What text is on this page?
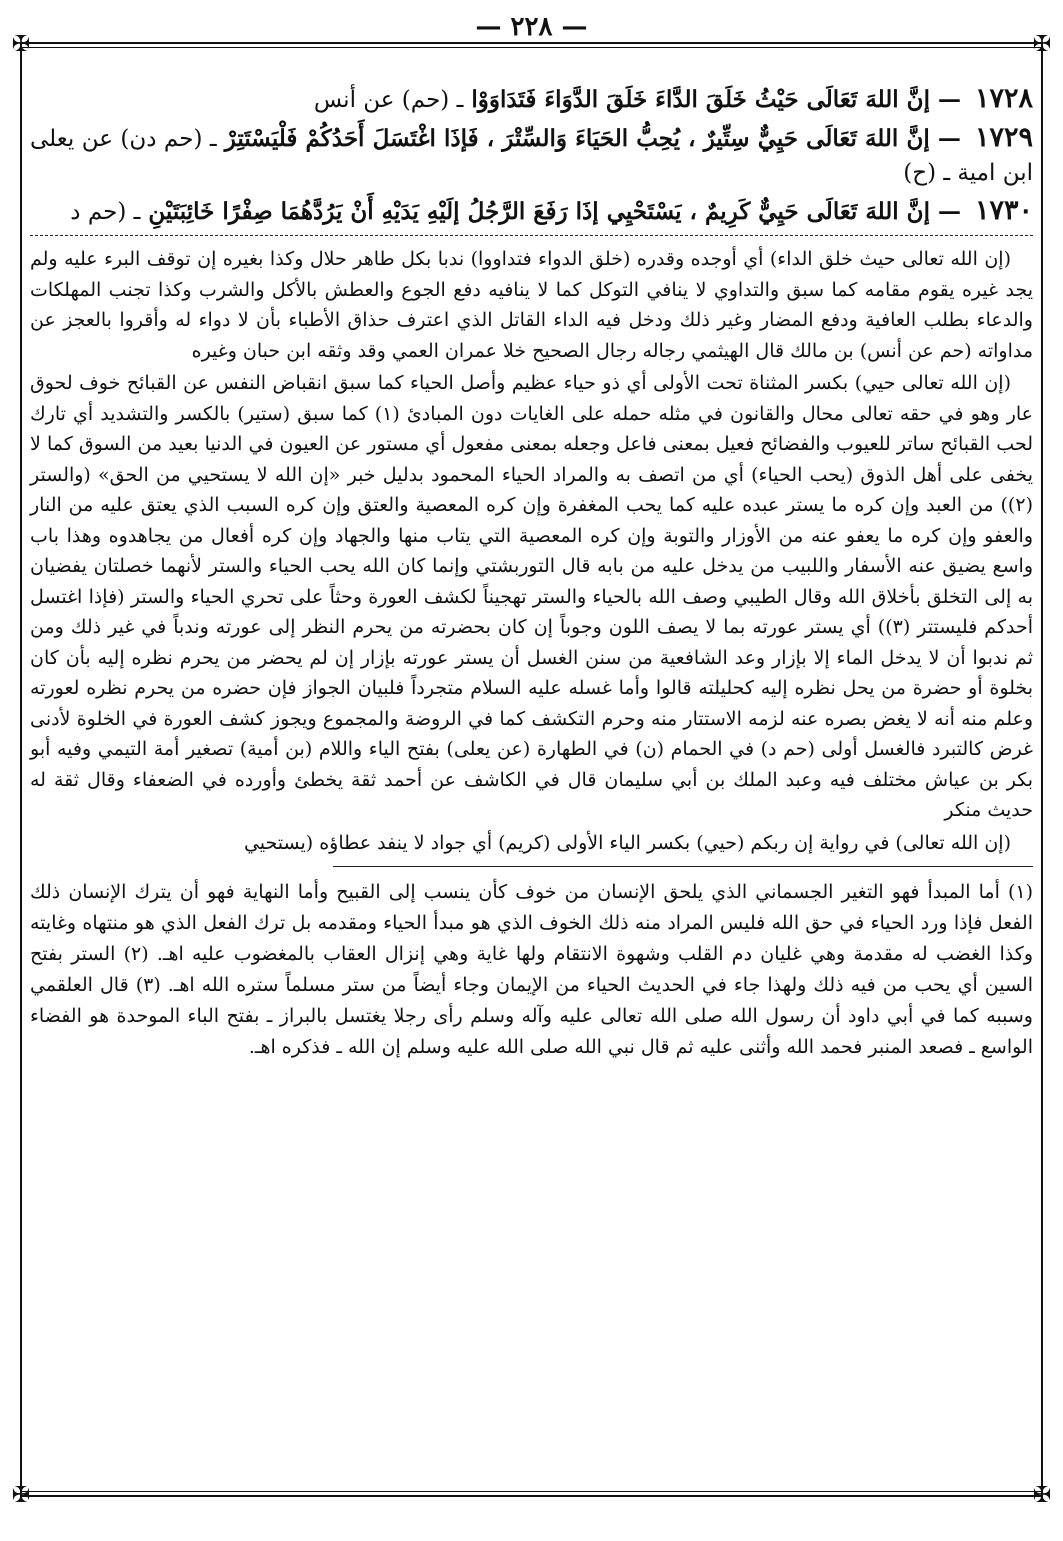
✠	✠
✠	✠
— ٢٢٨ —
١٧٢٨ — إنَّ اللهَ تَعَالَى حَيْثُ خَلَقَ الدَّاءَ خَلَقَ الدَّوَاءَ فَتَدَاوَوْا ـ (حم) عن أنس
١٧٢٩ — إنَّ اللهَ تَعَالَى حَيِيٌّ سِتِّيرٌ ، يُحِبُّ الحَيَاءَ وَالسِّتْرَ ، فَإذَا اغْتَسَلَ أَحَدُكُمْ فَلْيَسْتَتِرْ ـ (حم دن) عن يعلى ابن امية ـ (ح)
١٧٣٠ — إنَّ اللهَ تَعَالَى حَيِيٌّ كَرِيمٌ ، يَسْتَحْيِي إذَا رَفَعَ الرَّجُلُ إلَيْهِ يَدَيْهِ أَنْ يَرُدَّهُمَا صِفْرًا خَائِبَتَيْنِ ـ (حم د

(إن الله تعالى حيث خلق الداء) أي أوجده وقدره (خلق الدواء فتداووا) ندبا بكل طاهر حلال وكذا بغيره إن توقف البرء عليه ولم يجد غيره يقوم مقامه كما سبق والتداوي لا ينافي التوكل كما لا ينافيه دفع الجوع والعطش بالأكل والشرب وكذا تجنب المهلكات والدعاء بطلب العافية ودفع المضار وغير ذلك ودخل فيه الداء القاتل الذي اعترف حذاق الأطباء بأن لا دواء له وأقروا بالعجز عن مداواته (حم عن أنس) بن مالك قال الهيثمي رجاله رجال الصحيح خلا عمران العمي وقد وثقه ابن حبان وغيره

(إن الله تعالى حيي) بكسر المثناة تحت الأولى أي ذو حياء عظيم وأصل الحياء كما سبق انقباض النفس عن القبائح خوف لحوق عار وهو في حقه تعالى محال والقانون في مثله حمله على الغايات دون المبادئ (١) كما سبق (ستير) بالكسر والتشديد أي تارك لحب القبائح ساتر للعيوب والفضائح فعيل بمعنى فاعل وجعله بمعنى مفعول أي مستور عن العيون في الدنيا بعيد من السوق كما لا يخفى على أهل الذوق (يحب الحياء) أي من اتصف به والمراد الحياء المحمود بدليل خبر «إن الله لا يستحيي من الحق» (والستر (٢)) من العبد وإن كره ما يستر عبده عليه كما يحب المغفرة وإن كره المعصية والعتق وإن كره السبب الذي يعتق عليه من النار والعفو وإن كره ما يعفو عنه من الأوزار والتوبة وإن كره المعصية التي يتاب منها والجهاد وإن كره أفعال من يجاهدوه وهذا باب واسع يضيق عنه الأسفار واللبيب من يدخل عليه من بابه قال التوربشتي وإنما كان الله يحب الحياء والستر لأنهما خصلتان يفضيان به إلى التخلق بأخلاق الله وقال الطيبي وصف الله بالحياء والستر تهجيناً لكشف العورة وحثاً على تحري الحياء والستر (فإذا اغتسل أحدكم فليستتر (٣)) أي يستر عورته بما لا يصف اللون وجوباً إن كان بحضرته من يحرم النظر إلى عورته وندباً في غير ذلك ومن ثم ندبوا أن لا يدخل الماء إلا بإزار وعد الشافعية من سنن الغسل أن يستر عورته بإزار إن لم يحضر من يحرم نظره إليه بأن كان بخلوة أو حضرة من يحل نظره إليه كحليلته قالوا وأما غسله عليه السلام متجرداً فلبيان الجواز فإن حضره من يحرم نظره لعورته وعلم منه أنه لا يغض بصره عنه لزمه الاستتار منه وحرم التكشف كما في الروضة والمجموع ويجوز كشف العورة في الخلوة لأدنى غرض كالتبرد فالغسل أولى (حم د) في الحمام (ن) في الطهارة (عن يعلى) بفتح الياء واللام (بن أمية) تصغير أمة التيمي وفيه أبو بكر بن عياش مختلف فيه وعبد الملك بن أبي سليمان قال في الكاشف عن أحمد ثقة يخطئ وأورده في الضعفاء وقال ثقة له حديث منكر

(إن الله تعالى) في رواية إن ربكم (حيي) بكسر الياء الأولى (كريم) أي جواد لا ينفد عطاؤه (يستحيي

(١) أما المبدأ فهو التغير الجسماني الذي يلحق الإنسان من خوف كأن ينسب إلى القبيح وأما النهاية فهو أن يترك الإنسان ذلك الفعل فإذا ورد الحياء في حق الله فليس المراد منه ذلك الخوف الذي هو مبدأ الحياء ومقدمه بل ترك الفعل الذي هو منتهاه وغايته وكذا الغضب له مقدمة وهي غليان دم القلب وشهوة الانتقام ولها غاية وهي إنزال العقاب بالمغضوب عليه اهـ. (٢) الستر بفتح السين أي يحب من فيه ذلك ولهذا جاء في الحديث الحياء من الإيمان وجاء أيضاً من ستر مسلماً ستره الله اهـ. (٣) قال العلقمي وسببه كما في أبي داود أن رسول الله صلى الله تعالى عليه وآله وسلم رأى رجلا يغتسل بالبراز ـ بفتح الباء الموحدة هو الفضاء الواسع ـ فصعد المنبر فحمد الله وأثنى عليه ثم قال نبي الله صلى الله عليه وسلم إن الله ـ فذكره اهـ.
